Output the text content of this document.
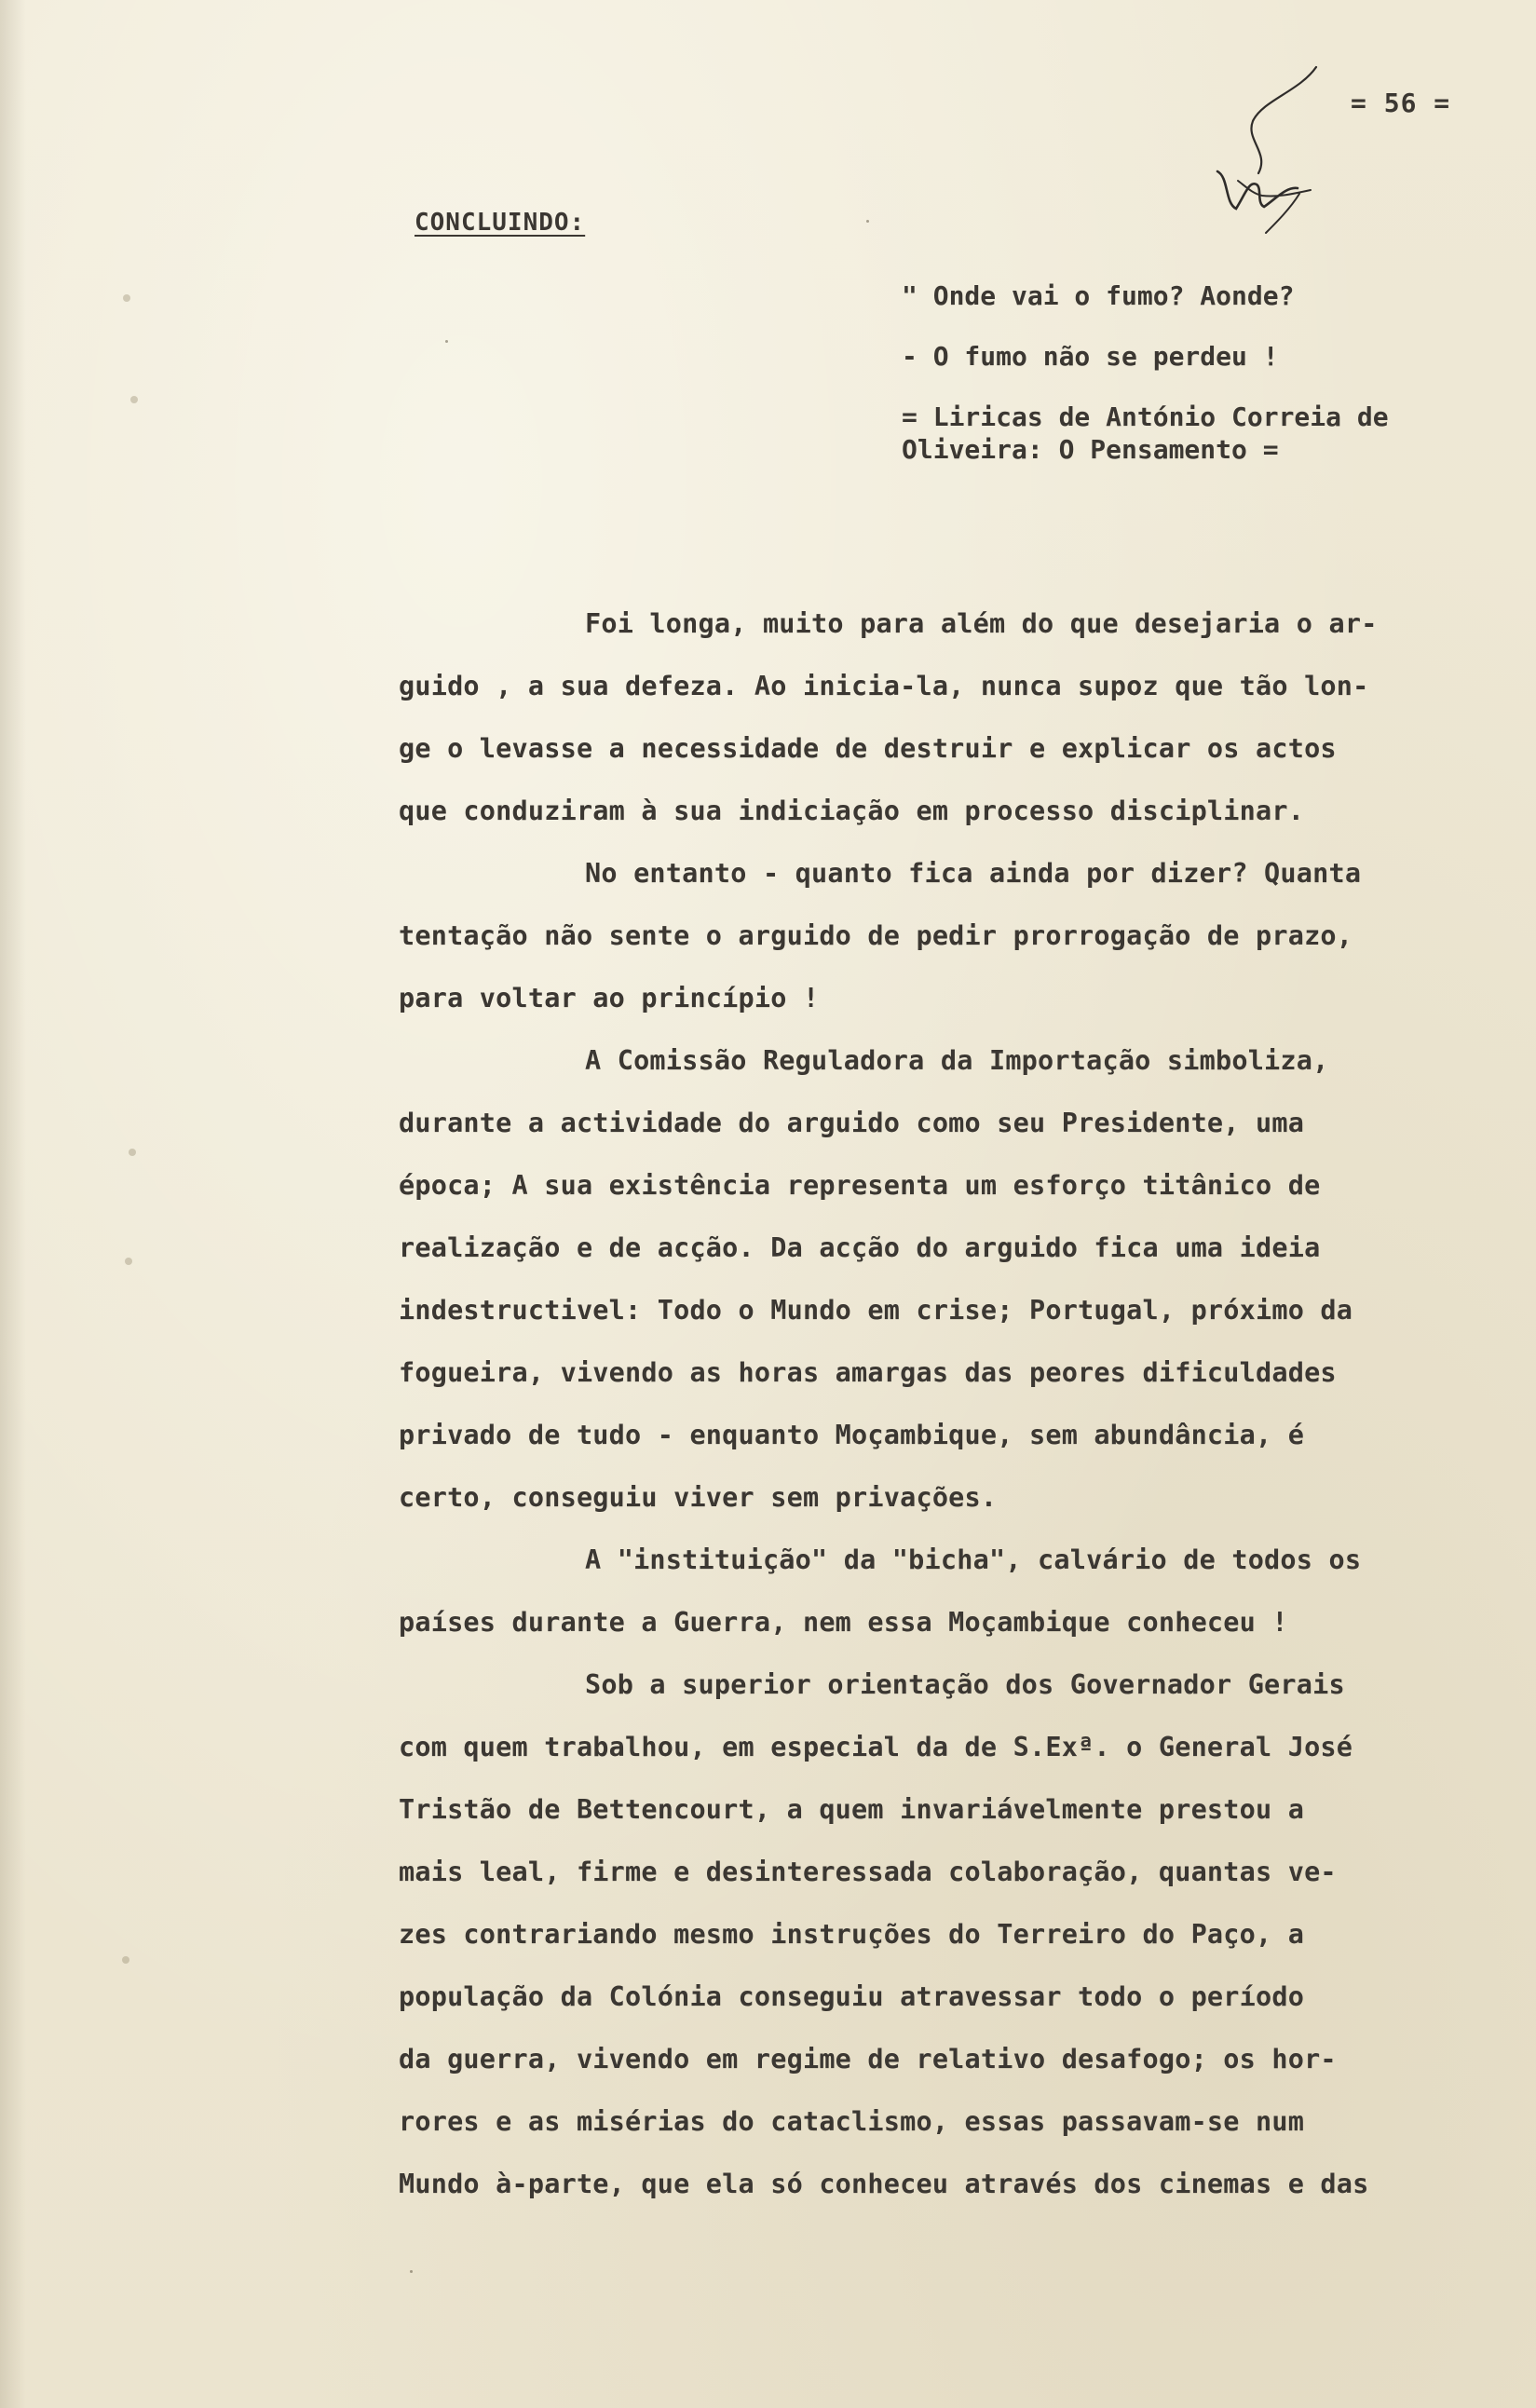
= 56 =
CONCLUINDO:
" Onde vai o fumo? Aonde?
- O fumo não se perdeu !
= Liricas de António Correia de
Oliveira: O Pensamento =
Foi longa, muito para além do que desejaria o ar-
guido , a sua defeza. Ao inicia-la, nunca supoz que tão lon-
ge o levasse a necessidade de destruir e explicar os actos
que conduziram à sua indiciação em processo disciplinar.
No entanto - quanto fica ainda por dizer? Quanta
tentação não sente o arguido de pedir prorrogação de prazo,
para voltar ao princípio !
A Comissão Reguladora da Importação simboliza,
durante a actividade do arguido como seu Presidente, uma
época; A sua existência representa um esforço titânico de
realização e de acção. Da acção do arguido fica uma ideia
indestructivel: Todo o Mundo em crise; Portugal, próximo da
fogueira, vivendo as horas amargas das peores dificuldades
privado de tudo - enquanto Moçambique, sem abundância, é
certo, conseguiu viver sem privações.
A "instituição" da "bicha", calvário de todos os
países durante a Guerra, nem essa Moçambique conheceu !
Sob a superior orientação dos Governador Gerais
com quem trabalhou, em especial da de S.Exª. o General José
Tristão de Bettencourt, a quem invariávelmente prestou a
mais leal, firme e desinteressada colaboração, quantas ve-
zes contrariando mesmo instruções do Terreiro do Paço, a
população da Colónia conseguiu atravessar todo o período
da guerra, vivendo em regime de relativo desafogo; os hor-
rores e as misérias do cataclismo, essas passavam-se num
Mundo à-parte, que ela só conheceu através dos cinemas e das
